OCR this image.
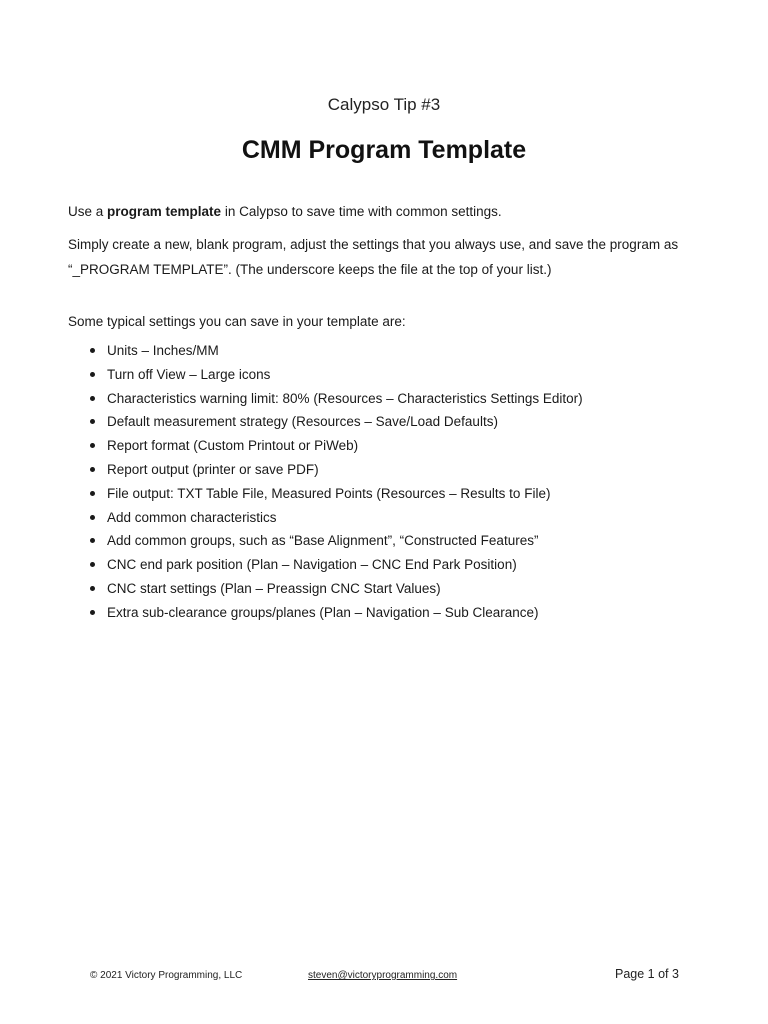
Calypso Tip #3
CMM Program Template
Use a program template in Calypso to save time with common settings.
Simply create a new, blank program, adjust the settings that you always use, and save the program as “_PROGRAM TEMPLATE”. (The underscore keeps the file at the top of your list.)
Some typical settings you can save in your template are:
Units – Inches/MM
Turn off View – Large icons
Characteristics warning limit: 80% (Resources – Characteristics Settings Editor)
Default measurement strategy (Resources – Save/Load Defaults)
Report format (Custom Printout or PiWeb)
Report output (printer or save PDF)
File output: TXT Table File, Measured Points (Resources – Results to File)
Add common characteristics
Add common groups, such as “Base Alignment”, “Constructed Features”
CNC end park position (Plan – Navigation – CNC End Park Position)
CNC start settings (Plan – Preassign CNC Start Values)
Extra sub-clearance groups/planes (Plan – Navigation – Sub Clearance)
© 2021 Victory Programming, LLC	steven@victoryprogramming.com	Page 1 of 3
